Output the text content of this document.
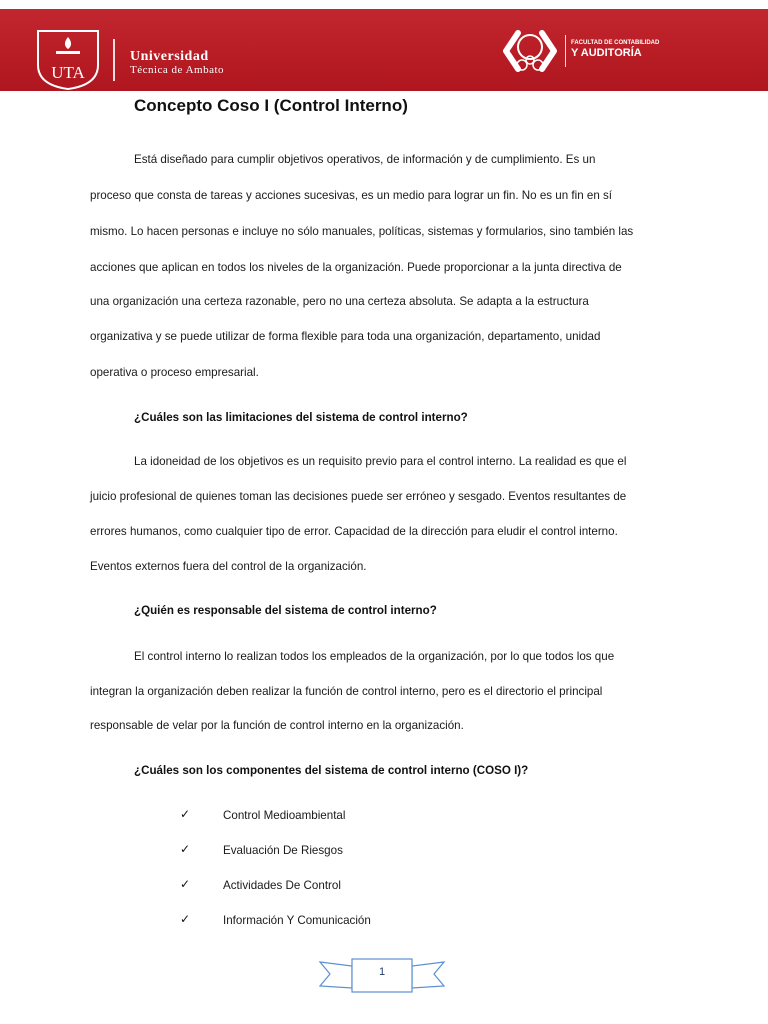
UTA
Universidad
Técnica de Ambato
FACULTAD DE CONTABILIDAD
Y AUDITORÍA
Concepto Coso I (Control Interno)
Está diseñado para cumplir objetivos operativos, de información y de cumplimiento. Es un
proceso que consta de tareas y acciones sucesivas, es un medio para lograr un fin. No es un fin en sí
mismo. Lo hacen personas e incluye no sólo manuales, políticas, sistemas y formularios, sino también las
acciones que aplican en todos los niveles de la organización. Puede proporcionar a la junta directiva de
una organización una certeza razonable, pero no una certeza absoluta. Se adapta a la estructura
organizativa y se puede utilizar de forma flexible para toda una organización, departamento, unidad
operativa o proceso empresarial.
¿Cuáles son las limitaciones del sistema de control interno?
La idoneidad de los objetivos es un requisito previo para el control interno. La realidad es que el
juicio profesional de quienes toman las decisiones puede ser erróneo y sesgado. Eventos resultantes de
errores humanos, como cualquier tipo de error. Capacidad de la dirección para eludir el control interno.
Eventos externos fuera del control de la organización.
¿Quién es responsable del sistema de control interno?
El control interno lo realizan todos los empleados de la organización, por lo que todos los que
integran la organización deben realizar la función de control interno, pero es el directorio el principal
responsable de velar por la función de control interno en la organización.
¿Cuáles son los componentes del sistema de control interno (COSO I)?
✓	Control Medioambiental
✓	Evaluación De Riesgos
✓	Actividades De Control
✓	Información Y Comunicación
1
